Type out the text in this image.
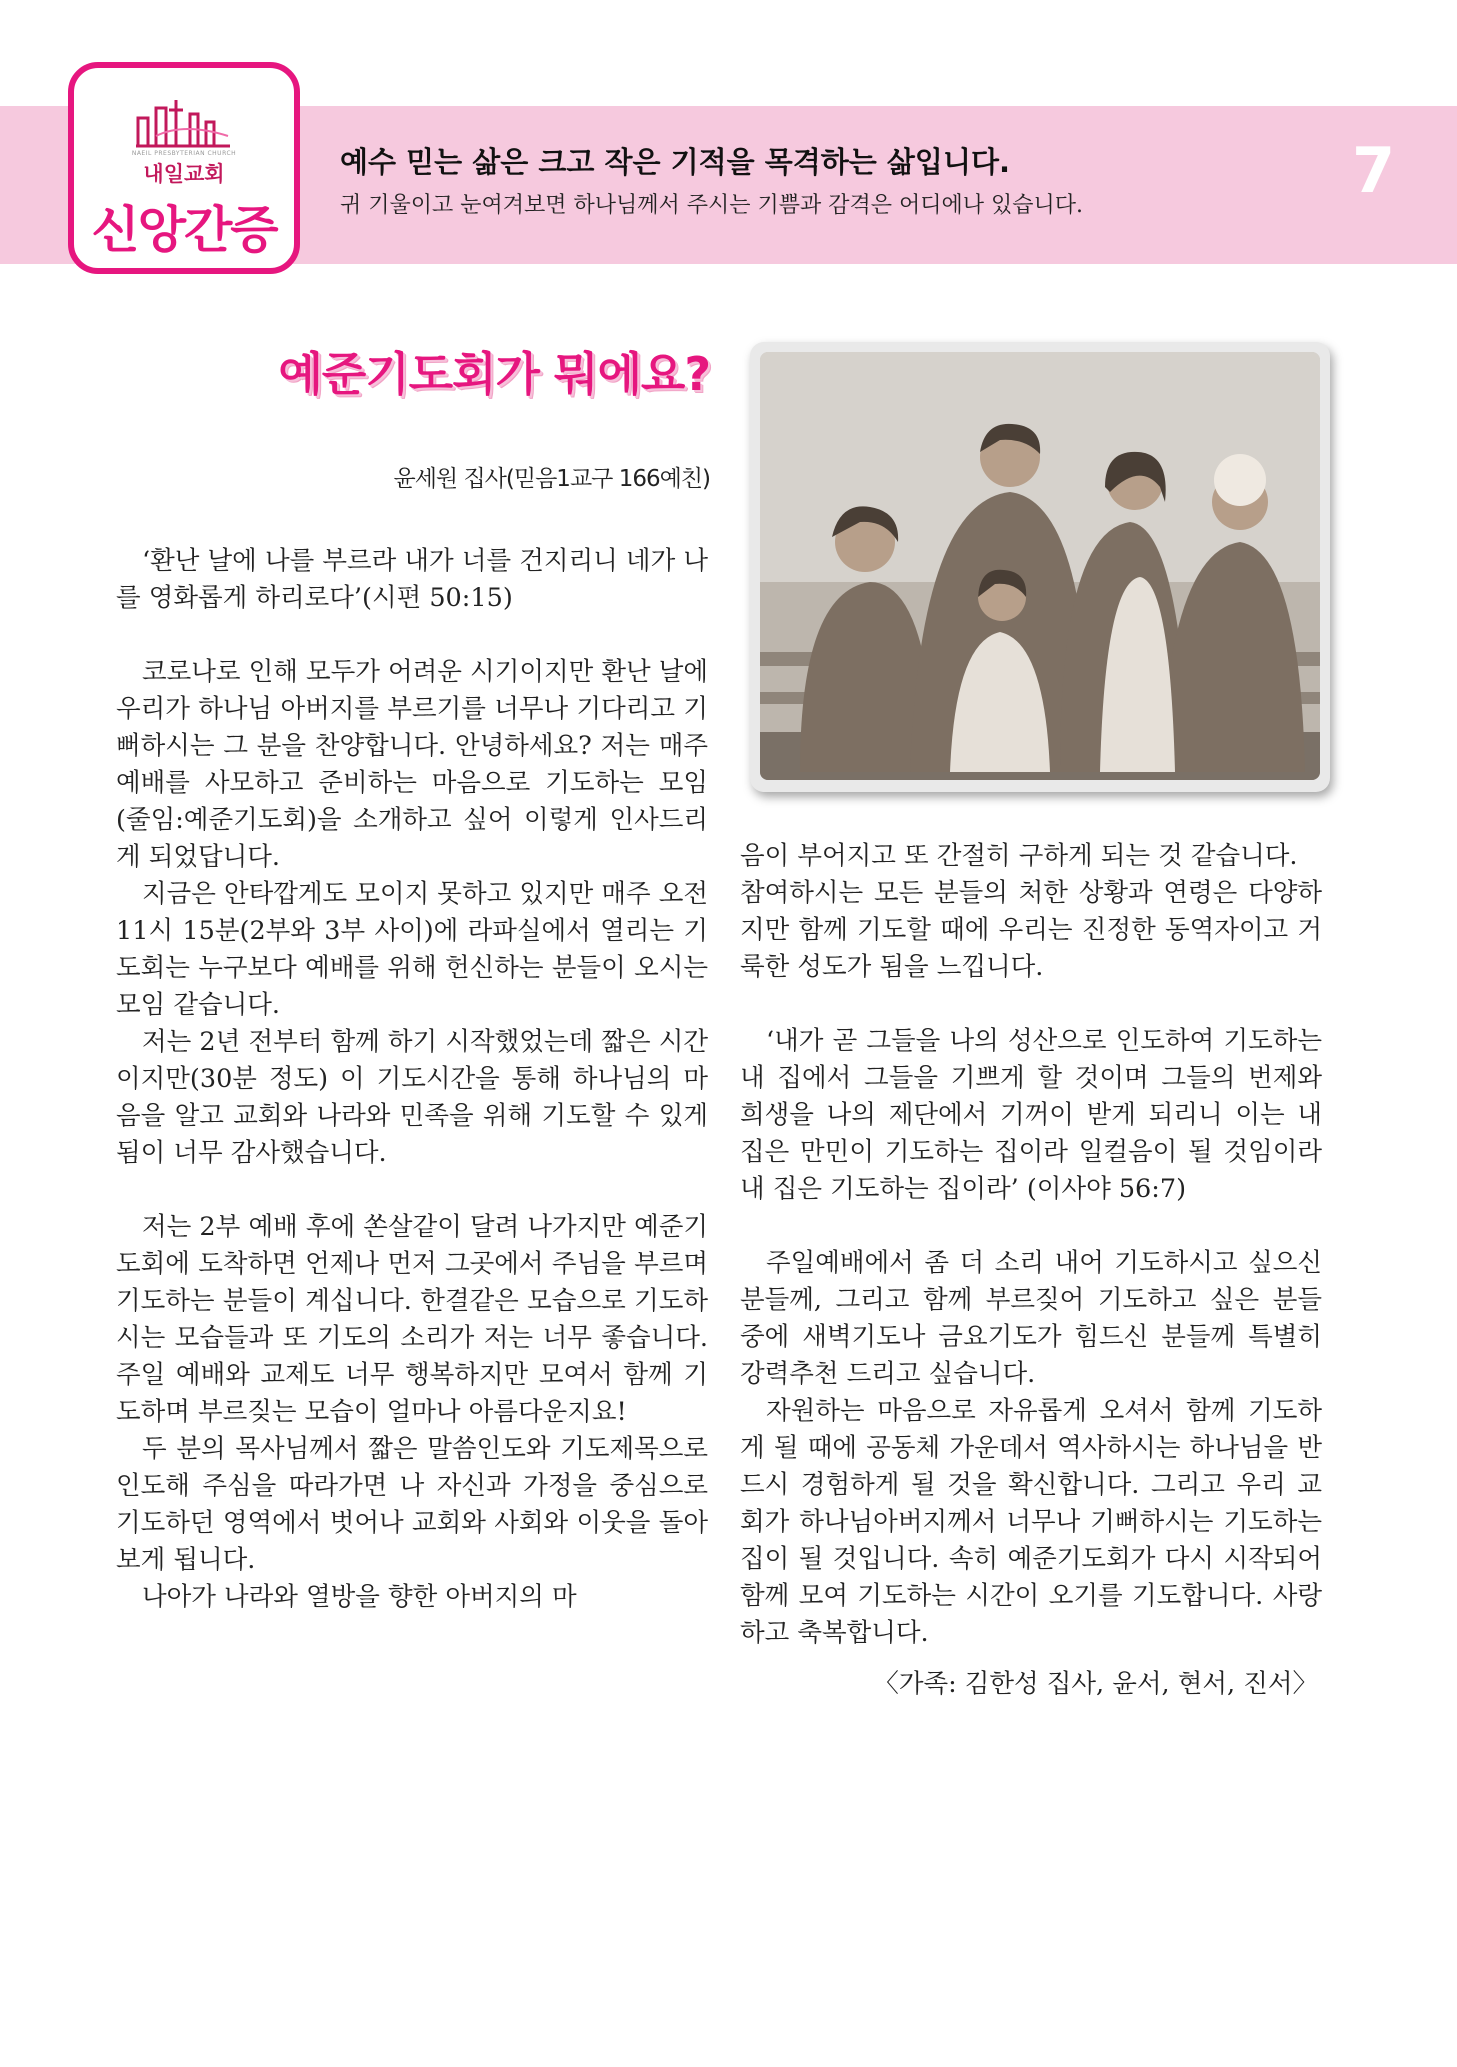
NAEIL PRESBYTERIAN CHURCH
내일교회
신앙간증
예수 믿는 삶은 크고 작은 기적을 목격하는 삶입니다.
귀 기울이고 눈여겨보면 하나님께서 주시는 기쁨과 감격은 어디에나 있습니다.	7
예준기도회가 뭐에요?
윤세원 집사(믿음1교구 166예친)

‘환난 날에 나를 부르라 내가 너를 건지리니 네가 나를 영화롭게 하리로다’(시편 50:15)

코로나로 인해 모두가 어려운 시기이지만 환난 날에 우리가 하나님 아버지를 부르기를 너무나 기다리고 기뻐하시는 그 분을 찬양합니다. 안녕하세요? 저는 매주 예배를 사모하고 준비하는 마음으로 기도하는 모임(줄임:예준기도회)을 소개하고 싶어 이렇게 인사드리게 되었답니다.

지금은 안타깝게도 모이지 못하고 있지만 매주 오전 11시 15분(2부와 3부 사이)에 라파실에서 열리는 기도회는 누구보다 예배를 위해 헌신하는 분들이 오시는 모임 같습니다.

저는 2년 전부터 함께 하기 시작했었는데 짧은 시간이지만(30분 정도) 이 기도시간을 통해 하나님의 마음을 알고 교회와 나라와 민족을 위해 기도할 수 있게 됨이 너무 감사했습니다.

저는 2부 예배 후에 쏜살같이 달려 나가지만 예준기도회에 도착하면 언제나 먼저 그곳에서 주님을 부르며 기도하는 분들이 계십니다. 한결같은 모습으로 기도하시는 모습들과 또 기도의 소리가 저는 너무 좋습니다. 주일 예배와 교제도 너무 행복하지만 모여서 함께 기도하며 부르짖는 모습이 얼마나 아름다운지요!

두 분의 목사님께서 짧은 말씀인도와 기도제목으로 인도해 주심을 따라가면 나 자신과 가정을 중심으로 기도하던 영역에서 벗어나 교회와 사회와 이웃을 돌아보게 됩니다.

나아가 나라와 열방을 향한 아버지의 마

음이 부어지고 또 간절히 구하게 되는 것 같습니다.

참여하시는 모든 분들의 처한 상황과 연령은 다양하지만 함께 기도할 때에 우리는 진정한 동역자이고 거룩한 성도가 됨을 느낍니다.

‘내가 곧 그들을 나의 성산으로 인도하여 기도하는 내 집에서 그들을 기쁘게 할 것이며 그들의 번제와 희생을 나의 제단에서 기꺼이 받게 되리니 이는 내 집은 만민이 기도하는 집이라 일컬음이 될 것임이라 내 집은 기도하는 집이라’ (이사야 56:7)

주일예배에서 좀 더 소리 내어 기도하시고 싶으신 분들께, 그리고 함께 부르짖어 기도하고 싶은 분들 중에 새벽기도나 금요기도가 힘드신 분들께 특별히 강력추천 드리고 싶습니다.

자원하는 마음으로 자유롭게 오셔서 함께 기도하게 될 때에 공동체 가운데서 역사하시는 하나님을 반드시 경험하게 될 것을 확신합니다. 그리고 우리 교회가 하나님아버지께서 너무나 기뻐하시는 기도하는 집이 될 것입니다. 속히 예준기도회가 다시 시작되어 함께 모여 기도하는 시간이 오기를 기도합니다. 사랑하고 축복합니다.

〈가족: 김한성 집사, 윤서, 현서, 진서〉
